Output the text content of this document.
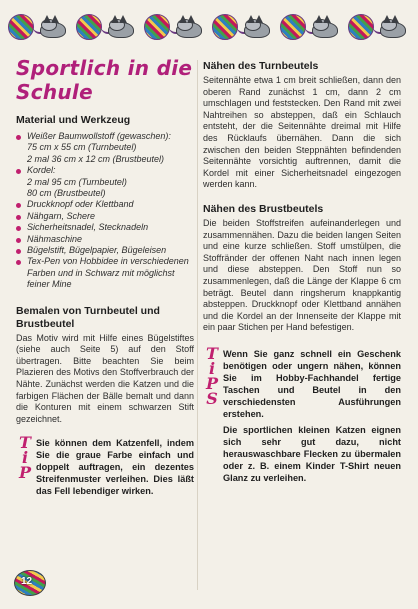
Sportlich in die
Schule
Material und Werkzeug
Weißer Baumwollstoff (gewaschen):
75 cm x 55 cm (Turnbeutel)
2 mal 36 cm x 12 cm (Brustbeutel)
Kordel:
2 mal 95 cm (Turnbeutel)
80 cm (Brustbeutel)
Druckknopf oder Klettband
Nähgarn, Schere
Sicherheitsnadel, Stecknadeln
Nähmaschine
Bügelstift, Bügelpapier, Bügeleisen
Tex-Pen von Hobbidee in verschiedenen
Farben und in Schwarz mit möglichst
feiner Mine
Bemalen von Turnbeutel und Brustbeutel

Das Motiv wird mit Hilfe eines Bügelstiftes (siehe auch Seite 5) auf den Stoff übertragen. Bitte beachten Sie beim Plazieren des Motivs den Stoffverbrauch der Nähte. Zunächst werden die Katzen und die farbigen Flächen der Bälle bemalt und dann die Konturen mit einem schwarzen Stift gezeichnet.

T
i
P
Sie können dem Katzenfell, indem Sie die graue Farbe einfach und doppelt auftragen, ein dezentes Streifenmuster verleihen. Dies läßt das Fell lebendiger wirken.
Nähen des Turnbeutels

Seitennähte etwa 1 cm breit schließen, dann den oberen Rand zunächst 1 cm, dann 2 cm umschlagen und feststecken. Den Rand mit zwei Nahtreihen so absteppen, daß ein Schlauch entsteht, der die Seitennähte dreimal mit Hilfe des Rücklaufs übernähen. Dann die sich zwischen den beiden Steppnähten befindenden Seitennähte vorsichtig auftrennen, damit die Kordel mit einer Sicherheitsnadel eingezogen werden kann.

Nähen des Brustbeutels

Die beiden Stoffstreifen aufeinanderlegen und zusammennähen. Dazu die beiden langen Seiten und eine kurze schließen. Stoff umstülpen, die Stoffränder der offenen Naht nach innen legen und diese absteppen. Den Stoff nun so zusammenlegen, daß die Länge der Klappe 6 cm beträgt. Beutel dann ringsherum knappkantig absteppen. Druckknopf oder Klettband annähen und die Kordel an der Innenseite der Klappe mit ein paar Stichen per Hand befestigen.

T
i
P
S

Wenn Sie ganz schnell ein Geschenk benötigen oder ungern nähen, können Sie im Hobby-Fachhandel fertige Taschen und Beutel in den verschiedensten Ausführungen erstehen.

Die sportlichen kleinen Katzen eignen sich sehr gut dazu, nicht herauswaschbare Flecken zu übermalen oder z. B. einem Kinder T-Shirt neuen Glanz zu verleihen.

12
